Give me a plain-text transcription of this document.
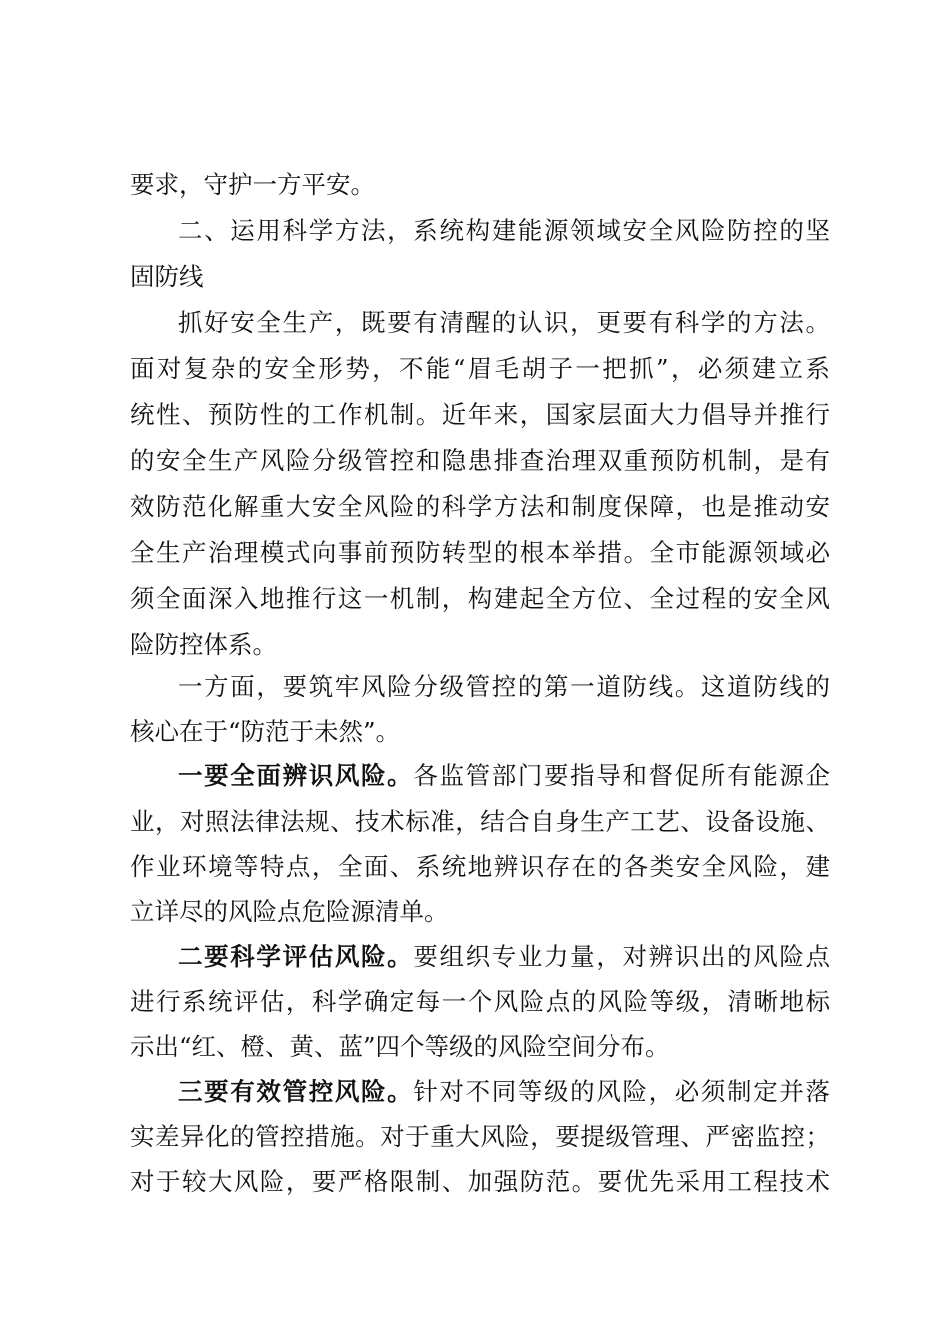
要求，守护一方平安。
二、运用科学方法，系统构建能源领域安全风险防控的坚
固防线
抓好安全生产，既要有清醒的认识，更要有科学的方法。
面对复杂的安全形势，不能“眉毛胡子一把抓”，必须建立系
统性、预防性的工作机制。近年来，国家层面大力倡导并推行
的安全生产风险分级管控和隐患排查治理双重预防机制，是有
效防范化解重大安全风险的科学方法和制度保障，也是推动安
全生产治理模式向事前预防转型的根本举措。全市能源领域必
须全面深入地推行这一机制，构建起全方位、全过程的安全风
险防控体系。
一方面，要筑牢风险分级管控的第一道防线。这道防线的
核心在于“防范于未然”。
一要全面辨识风险。各监管部门要指导和督促所有能源企
业，对照法律法规、技术标准，结合自身生产工艺、设备设施、
作业环境等特点，全面、系统地辨识存在的各类安全风险，建
立详尽的风险点危险源清单。
二要科学评估风险。要组织专业力量，对辨识出的风险点
进行系统评估，科学确定每一个风险点的风险等级，清晰地标
示出“红、橙、黄、蓝”四个等级的风险空间分布。
三要有效管控风险。针对不同等级的风险，必须制定并落
实差异化的管控措施。对于重大风险，要提级管理、严密监控；
对于较大风险，要严格限制、加强防范。要优先采用工程技术
